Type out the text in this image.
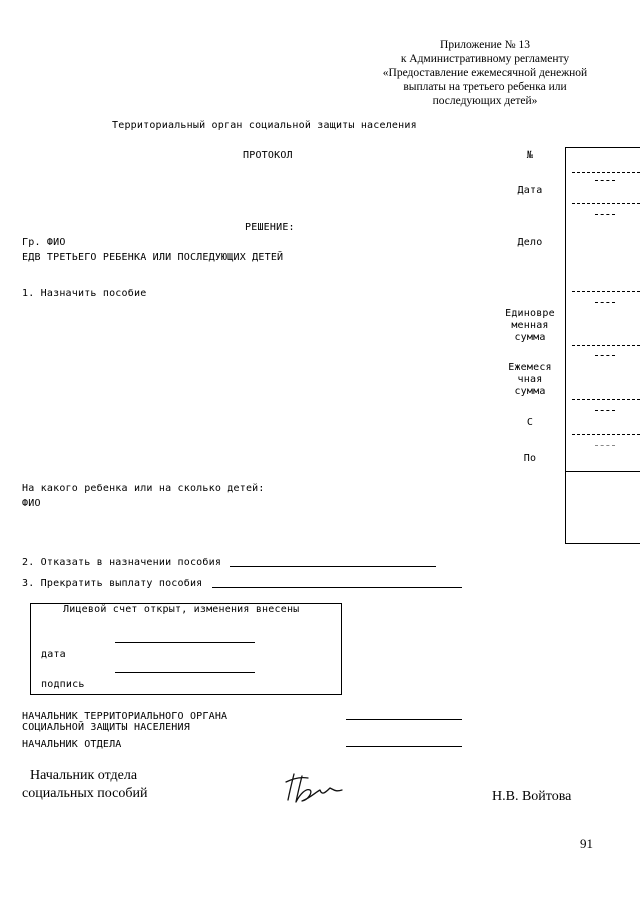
Приложение № 13
к Административному регламенту
«Предоставление ежемесячной денежной
выплаты на третьего ребенка или
последующих детей»
Территориальный орган социальной защиты населения
ПРОТОКОЛ
РЕШЕНИЕ:
Гр. ФИО
ЕДВ ТРЕТЬЕГО РЕБЕНКА ИЛИ ПОСЛЕДУЮЩИХ ДЕТЕЙ
1. Назначить пособие
На какого ребенка или на сколько детей:
ФИО
2. Отказать в назначении пособия
3. Прекратить выплату пособия
№
Дата
Дело
Единовре менная сумма
Ежемеся чная сумма
С
По
Лицевой счет открыт, изменения внесены
дата
подпись
НАЧАЛЬНИК ТЕРРИТОРИАЛЬНОГО ОРГАНА
СОЦИАЛЬНОЙ ЗАЩИТЫ НАСЕЛЕНИЯ
НАЧАЛЬНИК ОТДЕЛА
Начальник отдела
социальных пособий	Н.В. Войтова
91
